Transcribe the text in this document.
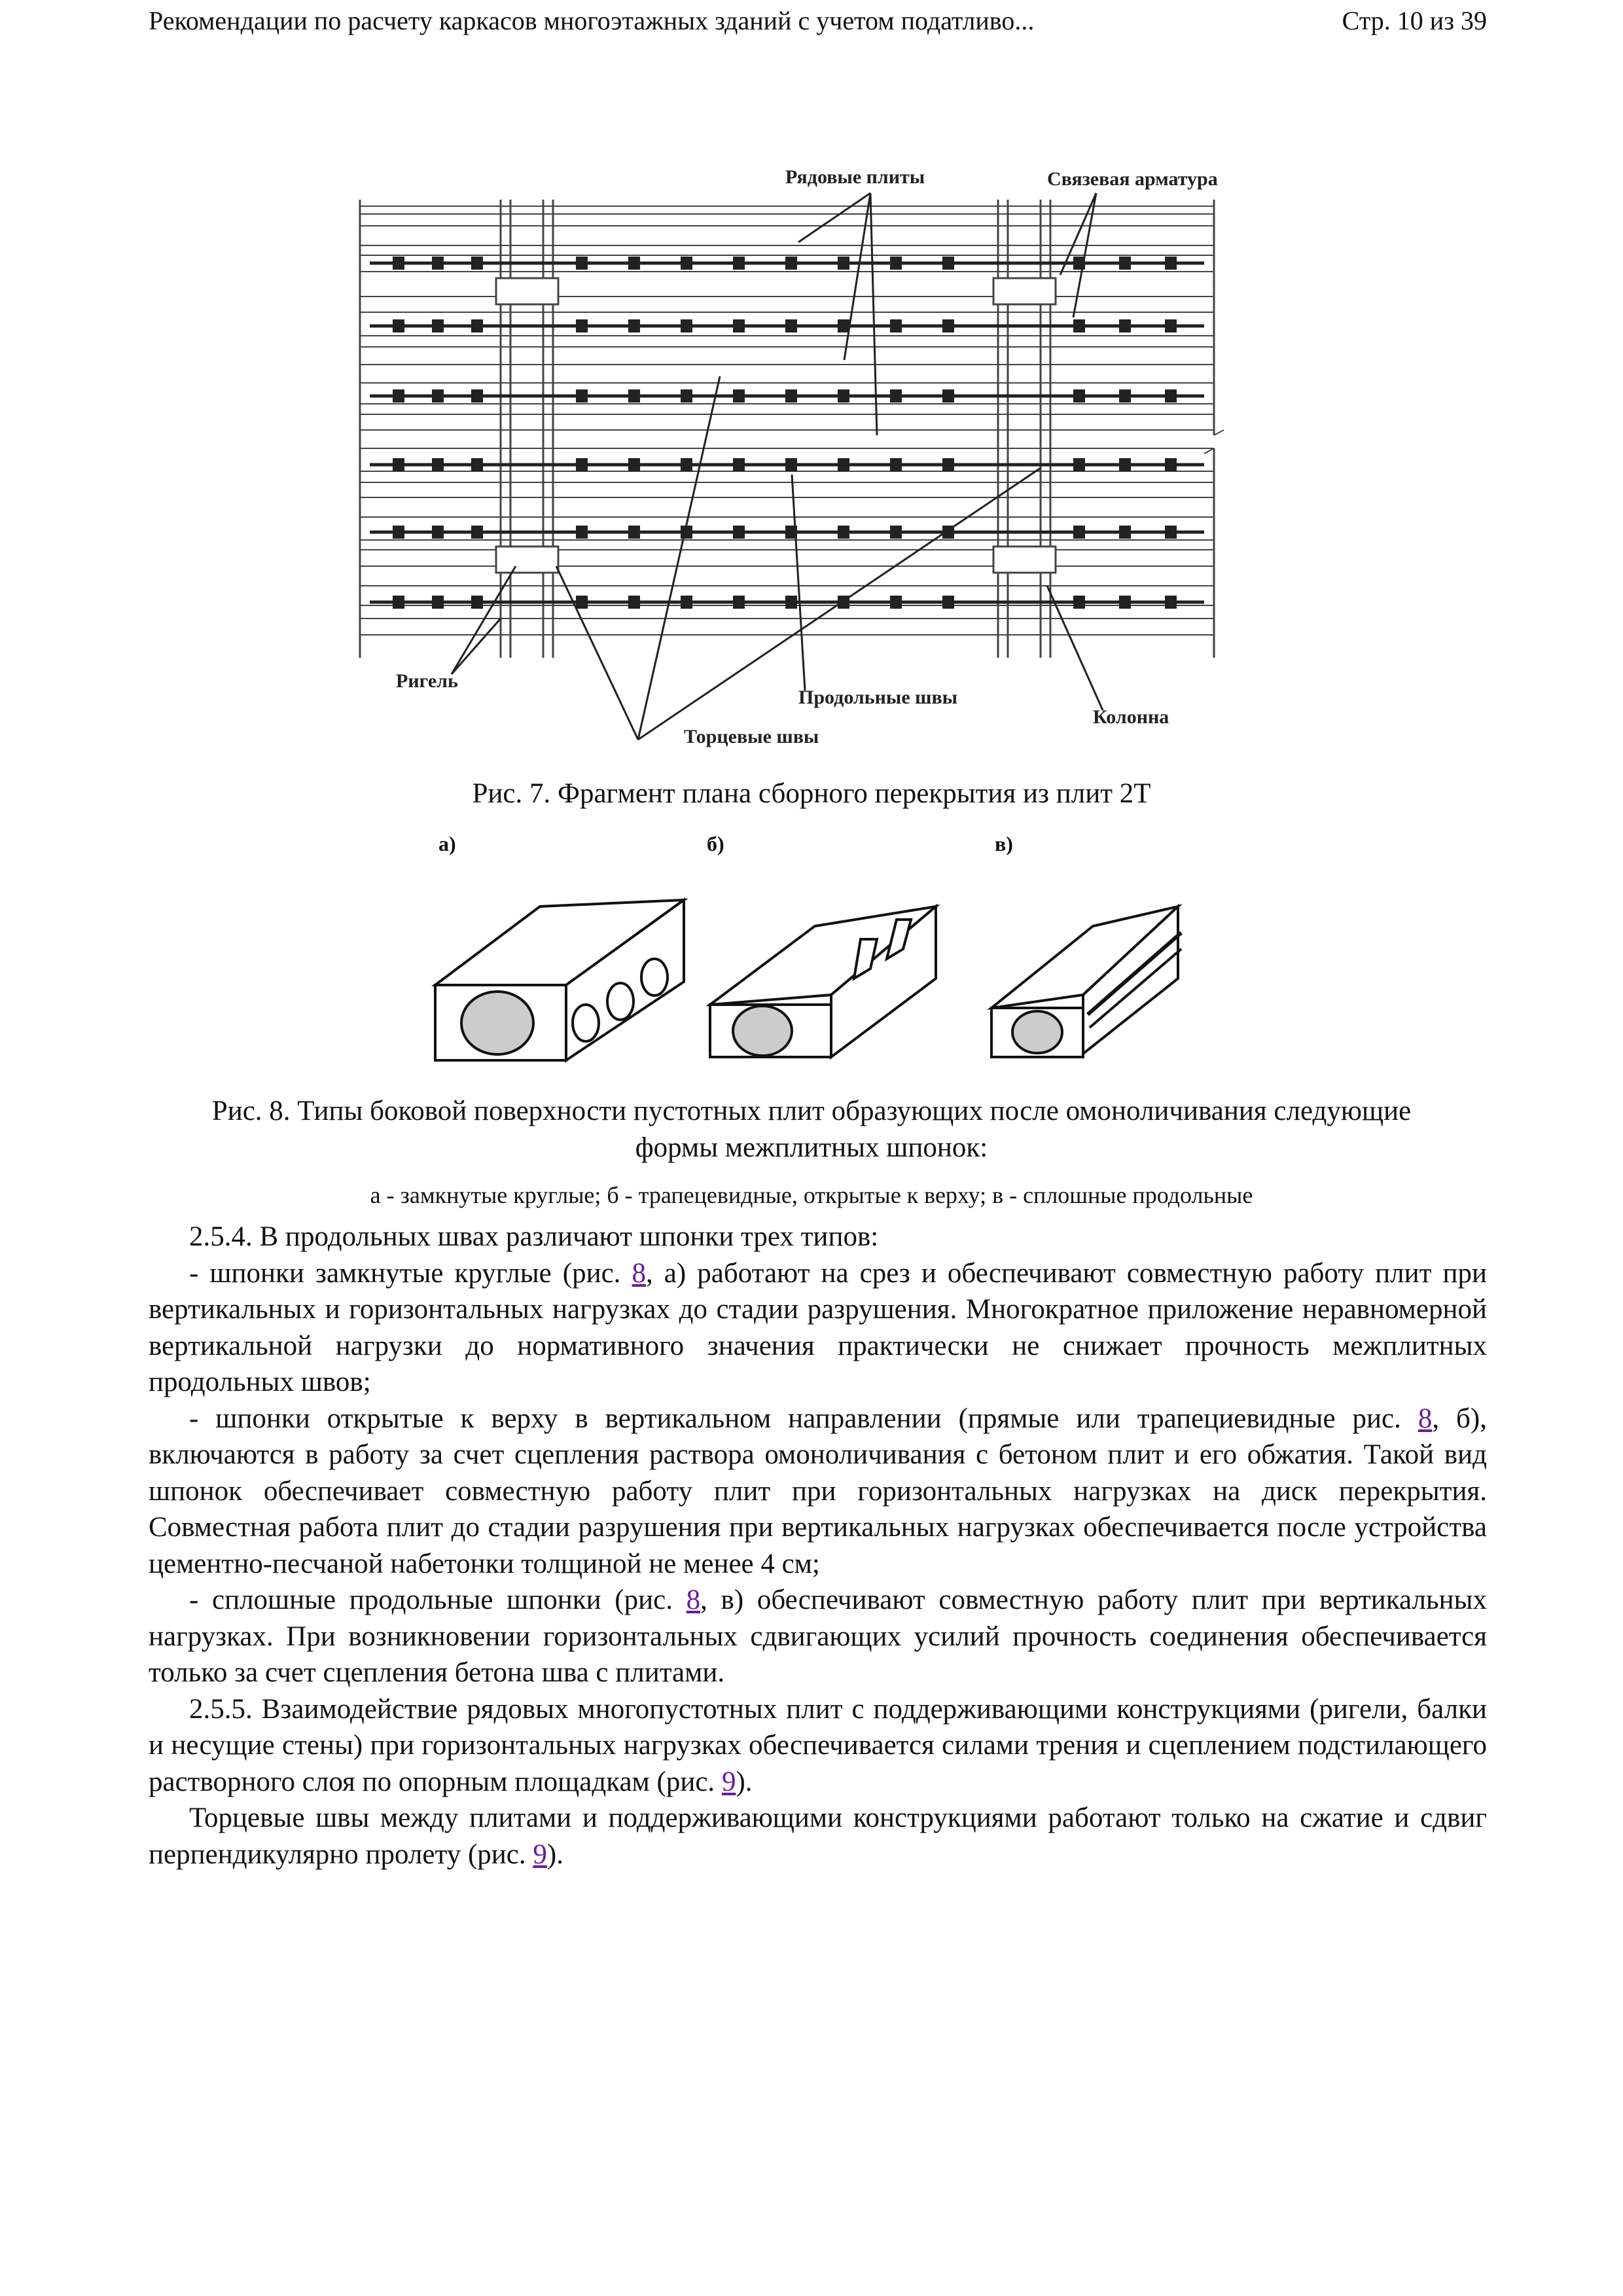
Рекомендации по расчету каркасов многоэтажных зданий с учетом податливо...	Стр. 10 из 39
Рядовые плиты	Связевая арматура
Ригель
Продольные швы
Торцевые швы
Колонна
Рис. 7. Фрагмент плана сборного перекрытия из плит 2Т
а)	б)	в)
Рис. 8. Типы боковой поверхности пустотных плит образующих после омоноличивания следующие формы межплитных шпонок:
а - замкнутые круглые; б - трапецевидные, открытые к верху; в - сплошные продольные

2.5.4. В продольных швах различают шпонки трех типов:

- шпонки замкнутые круглые (рис. 8, а) работают на срез и обеспечивают совместную работу плит при вертикальных и горизонтальных нагрузках до стадии разрушения. Многократное приложение неравномерной вертикальной нагрузки до нормативного значения практически не снижает прочность межплитных продольных швов;

- шпонки открытые к верху в вертикальном направлении (прямые или трапециевидные рис. 8, б), включаются в работу за счет сцепления раствора омоноличивания с бетоном плит и его обжатия. Такой вид шпонок обеспечивает совместную работу плит при горизонтальных нагрузках на диск перекрытия. Совместная работа плит до стадии разрушения при вертикальных нагрузках обеспечивается после устройства цементно-песчаной набетонки толщиной не менее 4 см;

- сплошные продольные шпонки (рис. 8, в) обеспечивают совместную работу плит при вертикальных нагрузках. При возникновении горизонтальных сдвигающих усилий прочность соединения обеспечивается только за счет сцепления бетона шва с плитами.

2.5.5. Взаимодействие рядовых многопустотных плит с поддерживающими конструкциями (ригели, балки и несущие стены) при горизонтальных нагрузках обеспечивается силами трения и сцеплением подстилающего растворного слоя по опорным площадкам (рис. 9).

Торцевые швы между плитами и поддерживающими конструкциями работают только на сжатие и сдвиг перпендикулярно пролету (рис. 9).
